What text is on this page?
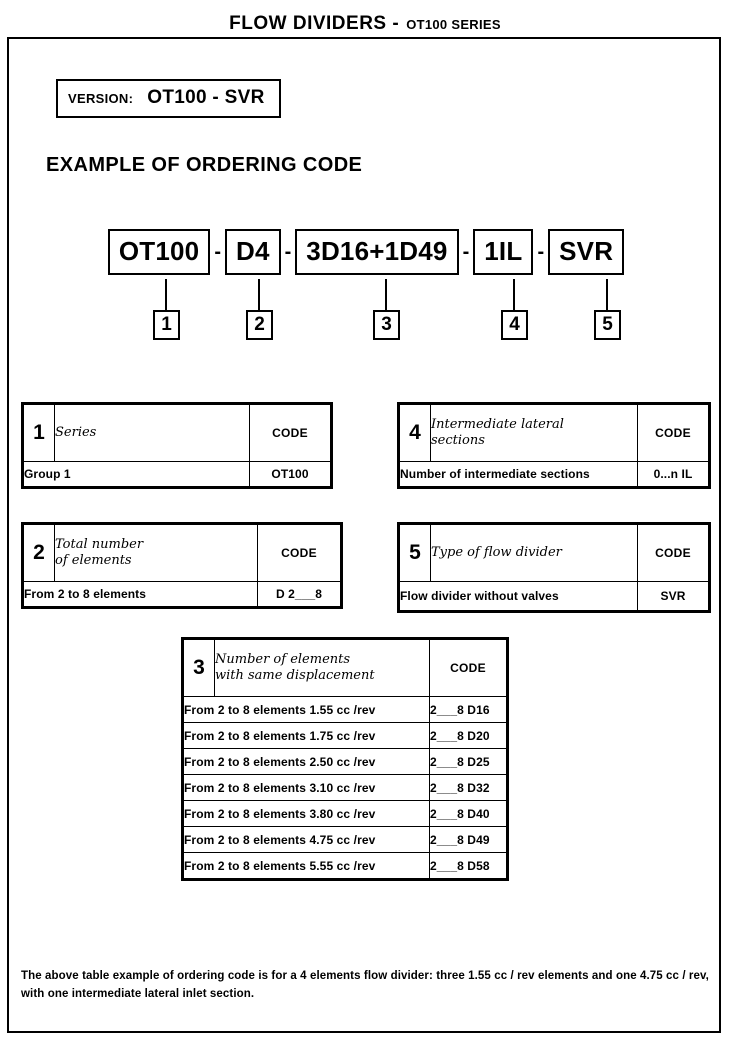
FLOW DIVIDERS - OT100 SERIES
VERSION: OT100 - SVR
EXAMPLE OF ORDERING CODE
OT100 - D4 - 3D16+1D49 - 1IL - SVR
1	2	3	4	5
1	Series	CODE
Group 1		OT100
4	Intermediate lateral
sections	CODE
Number of intermediate sections		0...n IL
2	Total number
of elements	CODE
From 2 to 8 elements		D 2___8
5	Type of flow divider	CODE
Flow divider without valves		SVR
3	Number of elements
with same displacement	CODE
From 2 to 8 elements 1.55 cc /rev		2___8 D16
From 2 to 8 elements 1.75 cc /rev		2___8 D20
From 2 to 8 elements 2.50 cc /rev		2___8 D25
From 2 to 8 elements 3.10 cc /rev		2___8 D32
From 2 to 8 elements 3.80 cc /rev		2___8 D40
From 2 to 8 elements 4.75 cc /rev		2___8 D49
From 2 to 8 elements 5.55 cc /rev		2___8 D58
The above table example of ordering code is for a 4 elements flow divider: three 1.55 cc / rev elements and one 4.75 cc / rev, with one intermediate lateral inlet section.
